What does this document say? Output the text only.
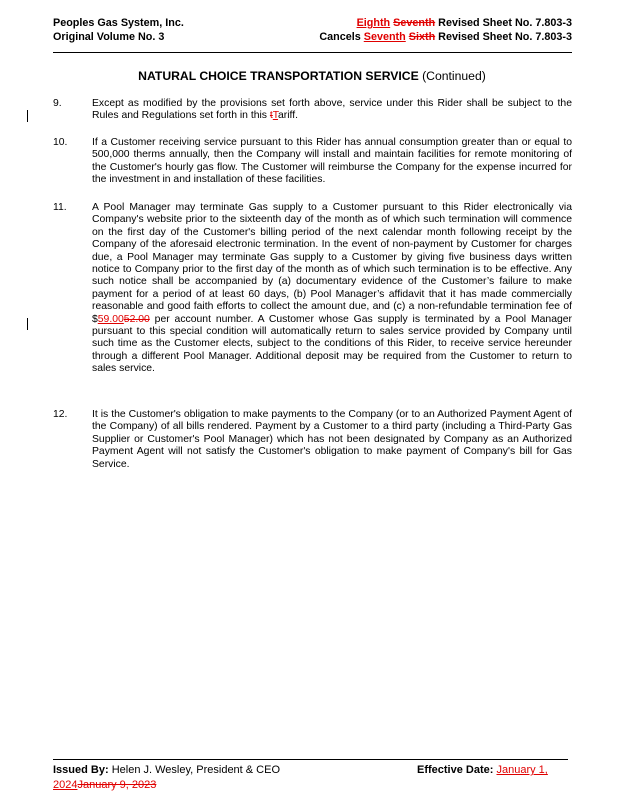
Peoples Gas System, Inc.
Original Volume No. 3
Eighth Seventh Revised Sheet No. 7.803-3
Cancels Seventh Sixth Revised Sheet No. 7.803-3
NATURAL CHOICE TRANSPORTATION SERVICE (Continued)
9.	Except as modified by the provisions set forth above, service under this Rider shall be subject to the Rules and Regulations set forth in this tTariff.
10. If a Customer receiving service pursuant to this Rider has annual consumption greater than or equal to 500,000 therms annually, then the Company will install and maintain facilities for remote monitoring of the Customer's hourly gas flow. The Customer will reimburse the Company for the expense incurred for the investment in and installation of these facilities.
11. A Pool Manager may terminate Gas supply to a Customer pursuant to this Rider electronically via Company's website prior to the sixteenth day of the month as of which such termination will commence on the first day of the Customer's billing period of the next calendar month following receipt by the Company of the aforesaid electronic termination. In the event of non-payment by Customer for charges due, a Pool Manager may terminate Gas supply to a Customer by giving five business days written notice to Company prior to the first day of the month as of which such termination is to be effective. Any such notice shall be accompanied by (a) documentary evidence of the Customer’s failure to make payment for a period of at least 60 days, (b) Pool Manager’s affidavit that it has made commercially reasonable and good faith efforts to collect the amount due, and (c) a non-refundable termination fee of $59.0052.00 per account number. A Customer whose Gas supply is terminated by a Pool Manager pursuant to this special condition will automatically return to sales service provided by Company until such time as the Customer elects, subject to the conditions of this Rider, to receive service hereunder through a different Pool Manager. Additional deposit may be required from the Customer to return to sales service.
12. It is the Customer's obligation to make payments to the Company (or to an Authorized Payment Agent of the Company) of all bills rendered. Payment by a Customer to a third party (including a Third-Party Gas Supplier or Customer's Pool Manager) which has not been designated by Company as an Authorized Payment Agent will not satisfy the Customer's obligation to make payment of Company's bill for Gas Service.
Issued By: Helen J. Wesley, President & CEO	Effective Date: January 1,
2024January 9, 2023
